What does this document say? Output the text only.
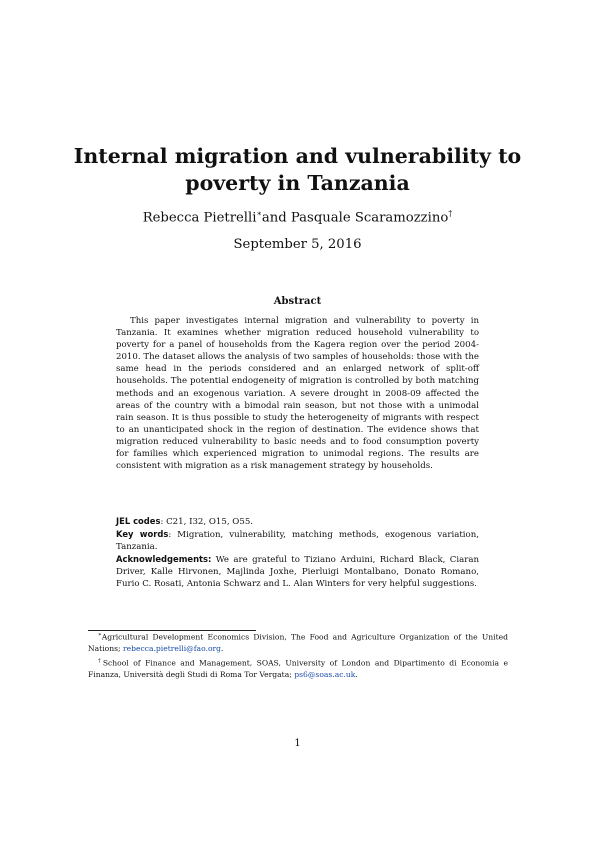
Internal migration and vulnerability to poverty in Tanzania
Rebecca Pietrelli∗and Pasquale Scaramozzino†
September 5, 2016
Abstract

This paper investigates internal migration and vulnerability to poverty in Tanzania. It examines whether migration reduced household vulnerability to poverty for a panel of households from the Kagera region over the period 2004-2010. The dataset allows the analysis of two samples of households: those with the same head in the periods considered and an enlarged network of split-off households. The potential endogeneity of migration is controlled by both matching methods and an exogenous variation. A severe drought in 2008-09 affected the areas of the country with a bimodal rain season, but not those with a unimodal rain season. It is thus possible to study the heterogeneity of migrants with respect to an unanticipated shock in the region of destination. The evidence shows that migration reduced vulnerability to basic needs and to food consumption poverty for families which experienced migration to unimodal regions. The results are consistent with migration as a risk management strategy by households.

JEL codes: C21, I32, O15, O55.

Key words: Migration, vulnerability, matching methods, exogenous variation, Tanzania.

Acknowledgements: We are grateful to Tiziano Arduini, Richard Black, Ciaran Driver, Kalle Hirvonen, Majlinda Joxhe, Pierluigi Montalbano, Donato Romano, Furio C. Rosati, Antonia Schwarz and L. Alan Winters for very helpful suggestions.

∗Agricultural Development Economics Division, The Food and Agriculture Organization of the United Nations; rebecca.pietrelli@fao.org.

†School of Finance and Management, SOAS, University of London and Dipartimento di Economia e Finanza, Università degli Studi di Roma Tor Vergata; ps6@soas.ac.uk.

1
